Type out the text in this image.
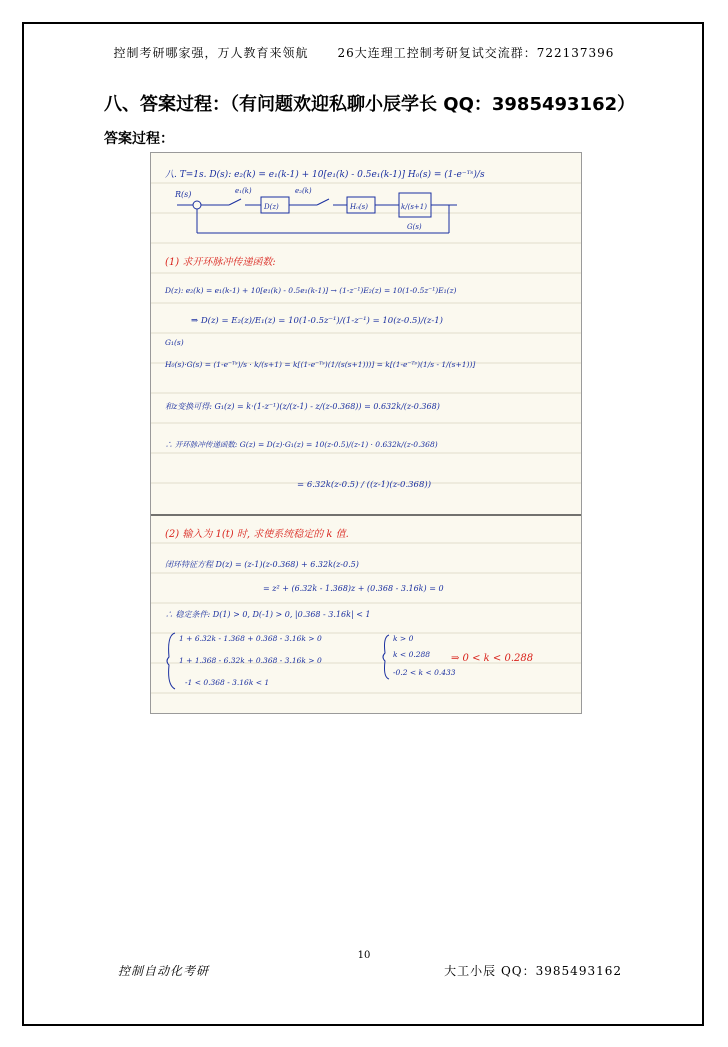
控制考研哪家强，万人教育来领航 26大连理工控制考研复试交流群：722137396
八、答案过程：（有问题欢迎私聊小辰学长 QQ：3985493162）
答案过程：
八. T=1s. D(s): e₂(k) = e₁(k-1) + 10[e₁(k) - 0.5e₁(k-1)] H₀(s) = (1-e⁻ᵀˢ)/s
R(s)	e₁(k)
D(z)
e₂(k)
H₀(s)	k/(s+1)
G(s)
(1) 求开环脉冲传递函数:
D(z): e₂(k) = e₁(k-1) + 10[e₁(k) - 0.5e₁(k-1)] → (1-z⁻¹)E₂(z) = 10(1-0.5z⁻¹)E₁(z)
⇒ D(z) = E₂(z)/E₁(z) = 10(1-0.5z⁻¹)/(1-z⁻¹) = 10(z-0.5)/(z-1)
G₁(s)
H₀(s)·G(s) = (1-e⁻ᵀˢ)/s · k/(s+1) = k[(1-e⁻ᵀˢ)(1/(s(s+1)))] = k[(1-e⁻ᵀˢ)(1/s - 1/(s+1))]
和z变换可得: G₁(z) = k·(1-z⁻¹)(z/(z-1) - z/(z-0.368)) = 0.632k/(z-0.368)
∴ 开环脉冲传递函数: G(z) = D(z)·G₁(z) = 10(z-0.5)/(z-1) · 0.632k/(z-0.368)
= 6.32k(z-0.5) / ((z-1)(z-0.368))
(2) 输入为 1(t) 时, 求使系统稳定的 k 值.
闭环特征方程 D(z) = (z-1)(z-0.368) + 6.32k(z-0.5)
= z² + (6.32k - 1.368)z + (0.368 - 3.16k) = 0
∴ 稳定条件: D(1) > 0, D(-1) > 0, |0.368 - 3.16k| < 1
1 + 6.32k - 1.368 + 0.368 - 3.16k > 0
1 + 1.368 - 6.32k + 0.368 - 3.16k > 0
-1 < 0.368 - 3.16k < 1
k > 0
k < 0.288
-0.2 < k < 0.433
⇒ 0 < k < 0.288
10
控制自动化考研	大工小辰 QQ：3985493162
